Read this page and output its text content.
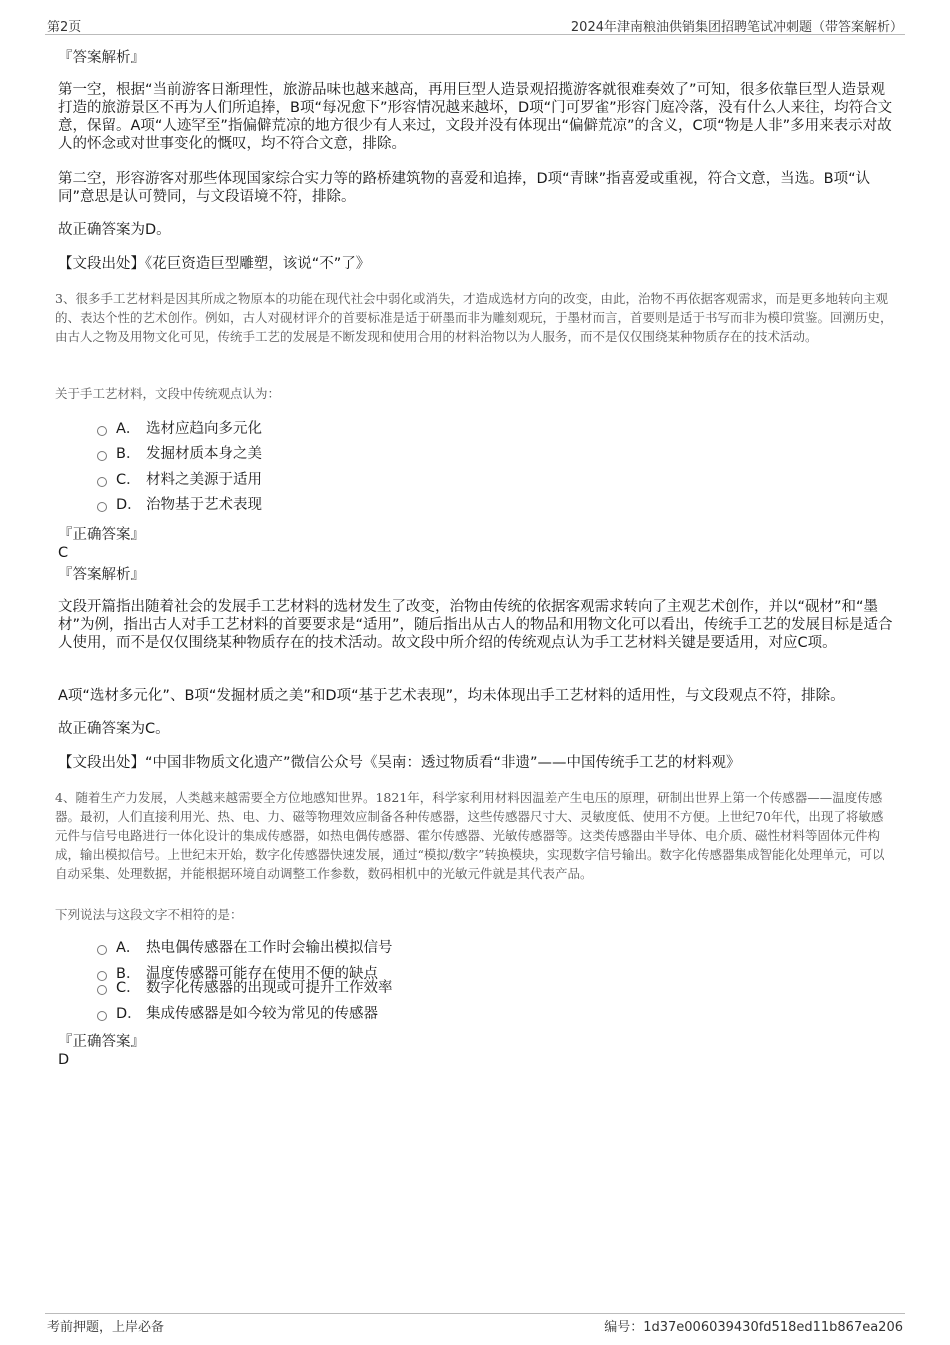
第2页	2024年津南粮油供销集团招聘笔试冲刺题（带答案解析）

『答案解析』

第一空，根据“当前游客日渐理性，旅游品味也越来越高，再用巨型人造景观招揽游客就很难奏效了”可知，很多依靠巨型人造景观打造的旅游景区不再为人们所追捧，B项“每况愈下”形容情况越来越坏，D项“门可罗雀”形容门庭冷落，没有什么人来往，均符合文意，保留。A项“人迹罕至”指偏僻荒凉的地方很少有人来过，文段并没有体现出“偏僻荒凉”的含义，C项“物是人非”多用来表示对故人的怀念或对世事变化的慨叹，均不符合文意，排除。

第二空，形容游客对那些体现国家综合实力等的路桥建筑物的喜爱和追捧，D项“青睐”指喜爱或重视，符合文意，当选。B项“认同”意思是认可赞同，与文段语境不符，排除。

故正确答案为D。

【文段出处】《花巨资造巨型雕塑，该说“不”了》

3、很多手工艺材料是因其所成之物原本的功能在现代社会中弱化或消失，才造成选材方向的改变，由此，治物不再依据客观需求，而是更多地转向主观的、表达个性的艺术创作。例如，古人对砚材评介的首要标准是适于研墨而非为雕刻观玩，于墨材而言，首要则是适于书写而非为模印赏鉴。回溯历史，由古人之物及用物文化可见，传统手工艺的发展是不断发现和使用合用的材料治物以为人服务，而不是仅仅围绕某种物质存在的技术活动。

关于手工艺材料，文段中传统观点认为：

A． 选材应趋向多元化
B． 发掘材质本身之美
C． 材料之美源于适用
D． 治物基于艺术表现

『正确答案』

C

『答案解析』

文段开篇指出随着社会的发展手工艺材料的选材发生了改变，治物由传统的依据客观需求转向了主观艺术创作，并以“砚材”和“墨材”为例，指出古人对手工艺材料的首要要求是“适用”，随后指出从古人的物品和用物文化可以看出，传统手工艺的发展目标是适合人使用，而不是仅仅围绕某种物质存在的技术活动。故文段中所介绍的传统观点认为手工艺材料关键是要适用，对应C项。

A项“选材多元化”、B项“发掘材质之美”和D项“基于艺术表现”，均未体现出手工艺材料的适用性，与文段观点不符，排除。

故正确答案为C。

【文段出处】“中国非物质文化遗产”微信公众号《吴南：透过物质看“非遗”——中国传统手工艺的材料观》

4、随着生产力发展，人类越来越需要全方位地感知世界。1821年，科学家利用材料因温差产生电压的原理，研制出世界上第一个传感器——温度传感器。最初，人们直接利用光、热、电、力、磁等物理效应制备各种传感器，这些传感器尺寸大、灵敏度低、使用不方便。上世纪70年代，出现了将敏感元件与信号电路进行一体化设计的集成传感器，如热电偶传感器、霍尔传感器、光敏传感器等。这类传感器由半导体、电介质、磁性材料等固体元件构成，输出模拟信号。上世纪末开始，数字化传感器快速发展，通过“模拟/数字”转换模块，实现数字信号输出。数字化传感器集成智能化处理单元，可以自动采集、处理数据，并能根据环境自动调整工作参数，数码相机中的光敏元件就是其代表产品。

下列说法与这段文字不相符的是：

A． 热电偶传感器在工作时会输出模拟信号
B． 温度传感器可能存在使用不便的缺点
C． 数字化传感器的出现或可提升工作效率
D． 集成传感器是如今较为常见的传感器

『正确答案』

D

考前押题，上岸必备	编号：1d37e006039430fd518ed11b867ea206
